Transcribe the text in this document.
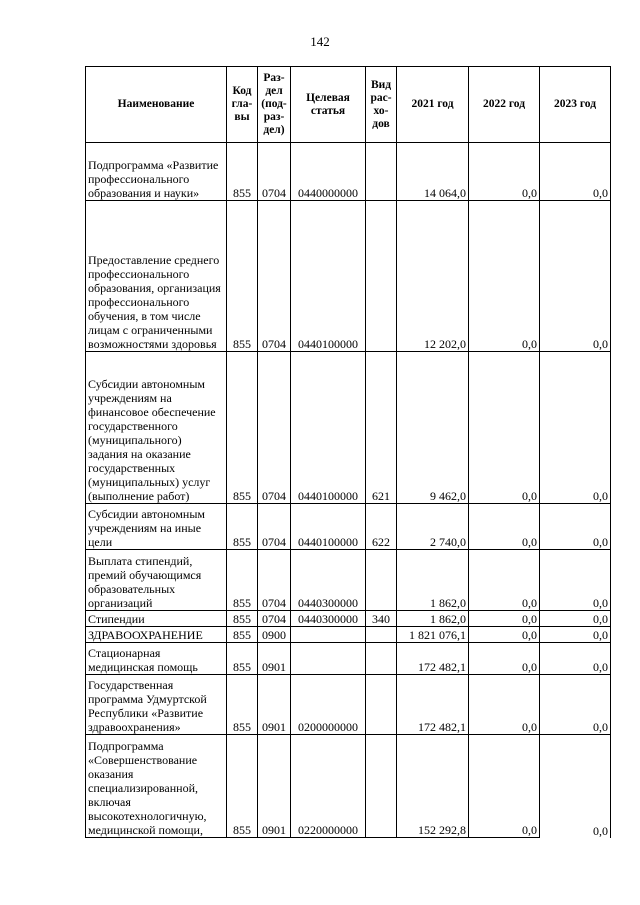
142
Наименование	Код гла- вы	Раз- дел (под- раз- дел)	Целевая статья	Вид рас- хо- дов	2021 год	2022 год	2023 год
Подпрограмма «Развитие профессионального образования и науки»	855	0704	0440000000		14 064,0	0,0	0,0
Предоставление среднего профессионального образования, организация профессионального обучения, в том числе лицам с ограниченными возможностями здоровья	855	0704	0440100000		12 202,0	0,0	0,0
Субсидии автономным учреждениям на финансовое обеспечение государственного (муниципального) задания на оказание государственных (муниципальных) услуг (выполнение работ)	855	0704	0440100000	621	9 462,0	0,0	0,0
Субсидии автономным учреждениям на иные цели	855	0704	0440100000	622	2 740,0	0,0	0,0
Выплата стипендий, премий обучающимся образовательных организаций	855	0704	0440300000		1 862,0	0,0	0,0
Стипендии	855	0704	0440300000	340	1 862,0	0,0	0,0
ЗДРАВООХРАНЕНИЕ	855	0900			1 821 076,1	0,0	0,0
Стационарная медицинская помощь	855	0901			172 482,1	0,0	0,0
Государственная программа Удмуртской Республики «Развитие здравоохранения»	855	0901	0200000000		172 482,1	0,0	0,0
Подпрограмма «Совершенствование оказания специализированной, включая высокотехнологичную, медицинской помощи,	855	0901	0220000000		152 292,8	0,0	0,0
